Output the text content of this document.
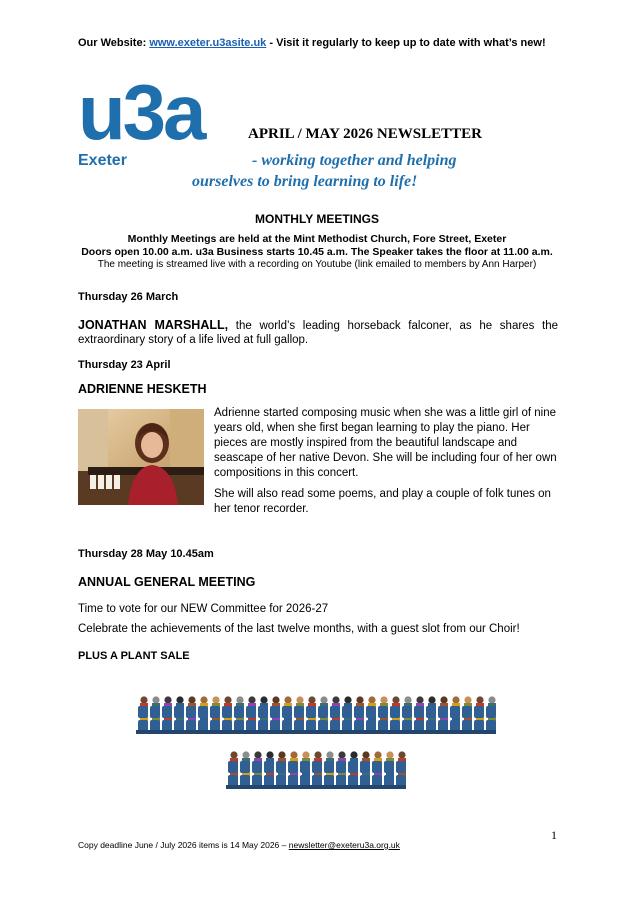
Our Website: www.exeter.u3asite.uk - Visit it regularly to keep up to date with what’s new!
u3a
Exeter
APRIL / MAY 2026 NEWSLETTER
- working together and helping
ourselves to bring learning to life!
MONTHLY MEETINGS
Monthly Meetings are held at the Mint Methodist Church, Fore Street, Exeter
Doors open 10.00 a.m. u3a Business starts 10.45 a.m. The Speaker takes the floor at 11.00 a.m.
The meeting is streamed live with a recording on Youtube (link emailed to members by Ann Harper)
Thursday 26 March
JONATHAN MARSHALL, the world’s leading horseback falconer, as he shares the extraordinary story of a life lived at full gallop.
Thursday 23 April
ADRIENNE HESKETH

Adrienne started composing music when she was a little girl of nine years old, when she first began learning to play the piano. Her pieces are mostly inspired from the beautiful landscape and seascape of her native Devon. She will be including four of her own compositions in this concert.

She will also read some poems, and play a couple of folk tunes on her tenor recorder.

Thursday 28 May 10.45am
ANNUAL GENERAL MEETING
Time to vote for our NEW Committee for 2026-27
Celebrate the achievements of the last twelve months, with a guest slot from our Choir!
PLUS A PLANT SALE
1
Copy deadline June / July 2026 items is 14 May 2026 – newsletter@exeteru3a.org.uk
